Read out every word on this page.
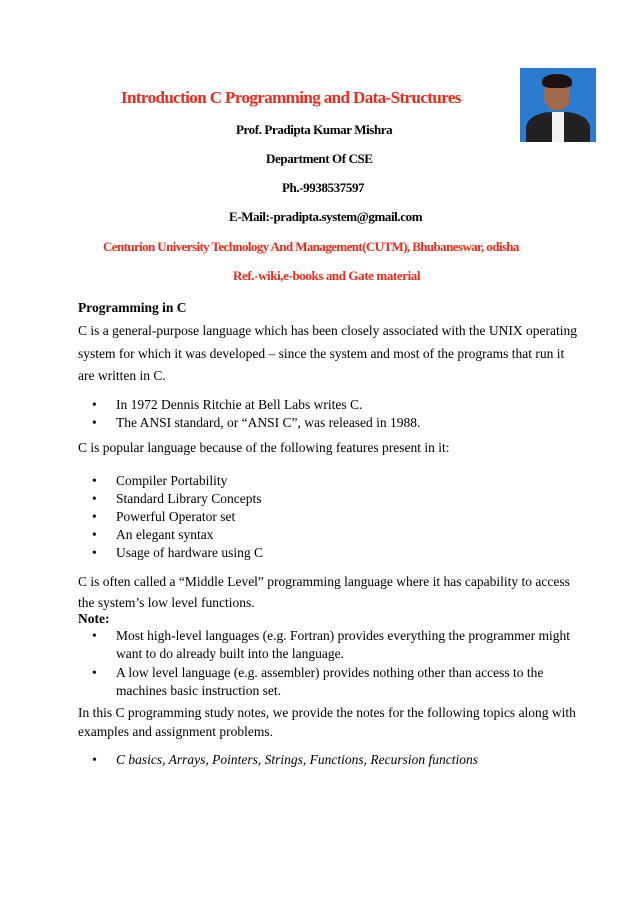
Introduction C Programming and Data-Structures
Prof. Pradipta Kumar Mishra
Department Of CSE
Ph.-9938537597
E-Mail:-pradipta.system@gmail.com
Centurion University Technology And Management(CUTM), Bhubaneswar, odisha
Ref.-wiki,e-books and Gate material
Programming in C
C is a general-purpose language which has been closely associated with the UNIX operating system for which it was developed – since the system and most of the programs that run it are written in C.
• In 1972 Dennis Ritchie at Bell Labs writes C.
• The ANSI standard, or “ANSI C”, was released in 1988.
C is popular language because of the following features present in it:
• Compiler Portability
• Standard Library Concepts
• Powerful Operator set
• An elegant syntax
• Usage of hardware using C
C is often called a “Middle Level” programming language where it has capability to access the system’s low level functions.
Note:
• Most high-level languages (e.g. Fortran) provides everything the programmer might want to do already built into the language.
• A low level language (e.g. assembler) provides nothing other than access to the machines basic instruction set.
In this C programming study notes, we provide the notes for the following topics along with examples and assignment problems.
• C basics, Arrays, Pointers, Strings, Functions, Recursion functions
